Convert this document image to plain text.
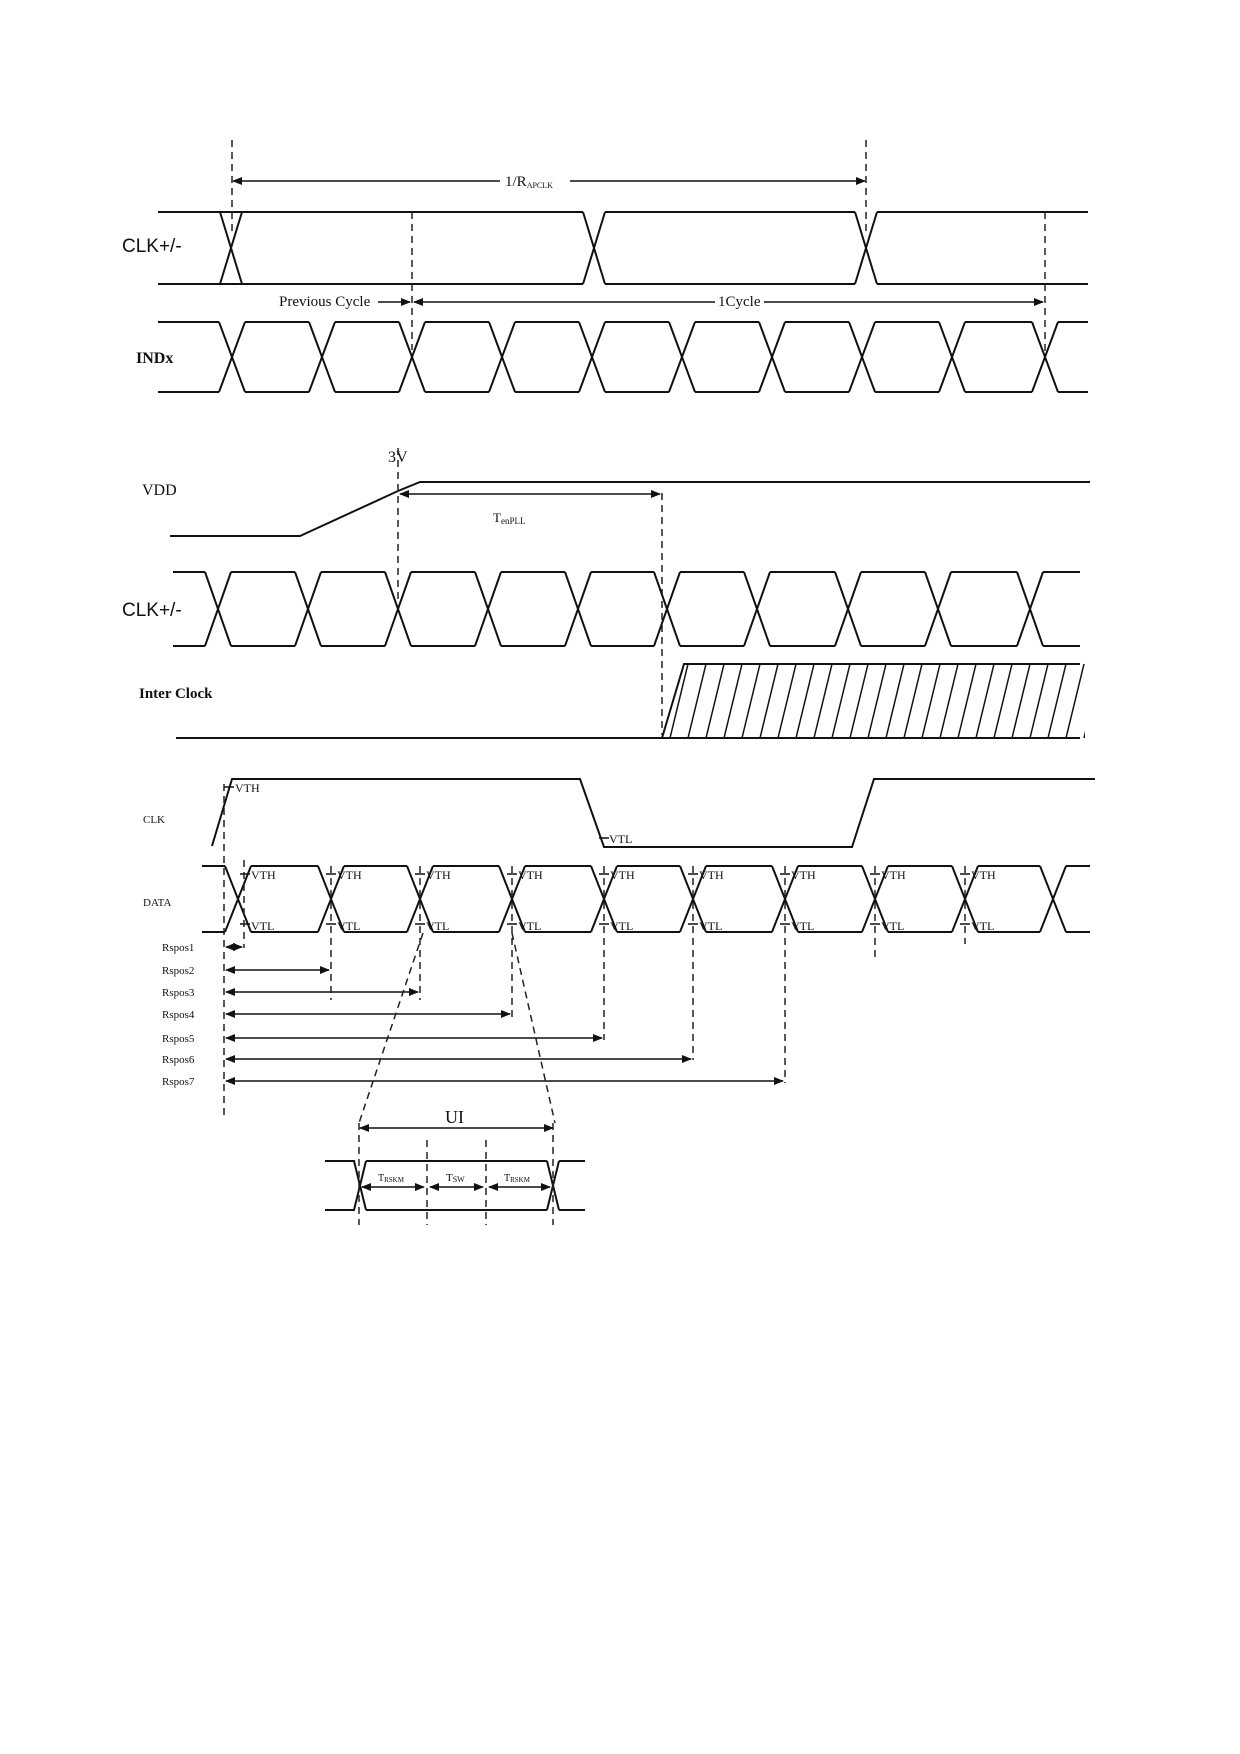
CLK+/-
INDx
1/RAPCLK
Previous Cycle	1Cycle
3V
VDD
TenPLL
CLK+/-
Inter Clock
CLK
VTH
VTL
DATA
VTH
VTL
VTH
VTL
VTH
VTL
VTH
VTL
VTH
VTL
VTH
VTL
VTH
VTL
VTH
VTL
VTH
VTL
Rspos1
Rspos2
Rspos3
Rspos4
Rspos5
Rspos6
Rspos7
UI
TRSKM	TSW	TRSKM
